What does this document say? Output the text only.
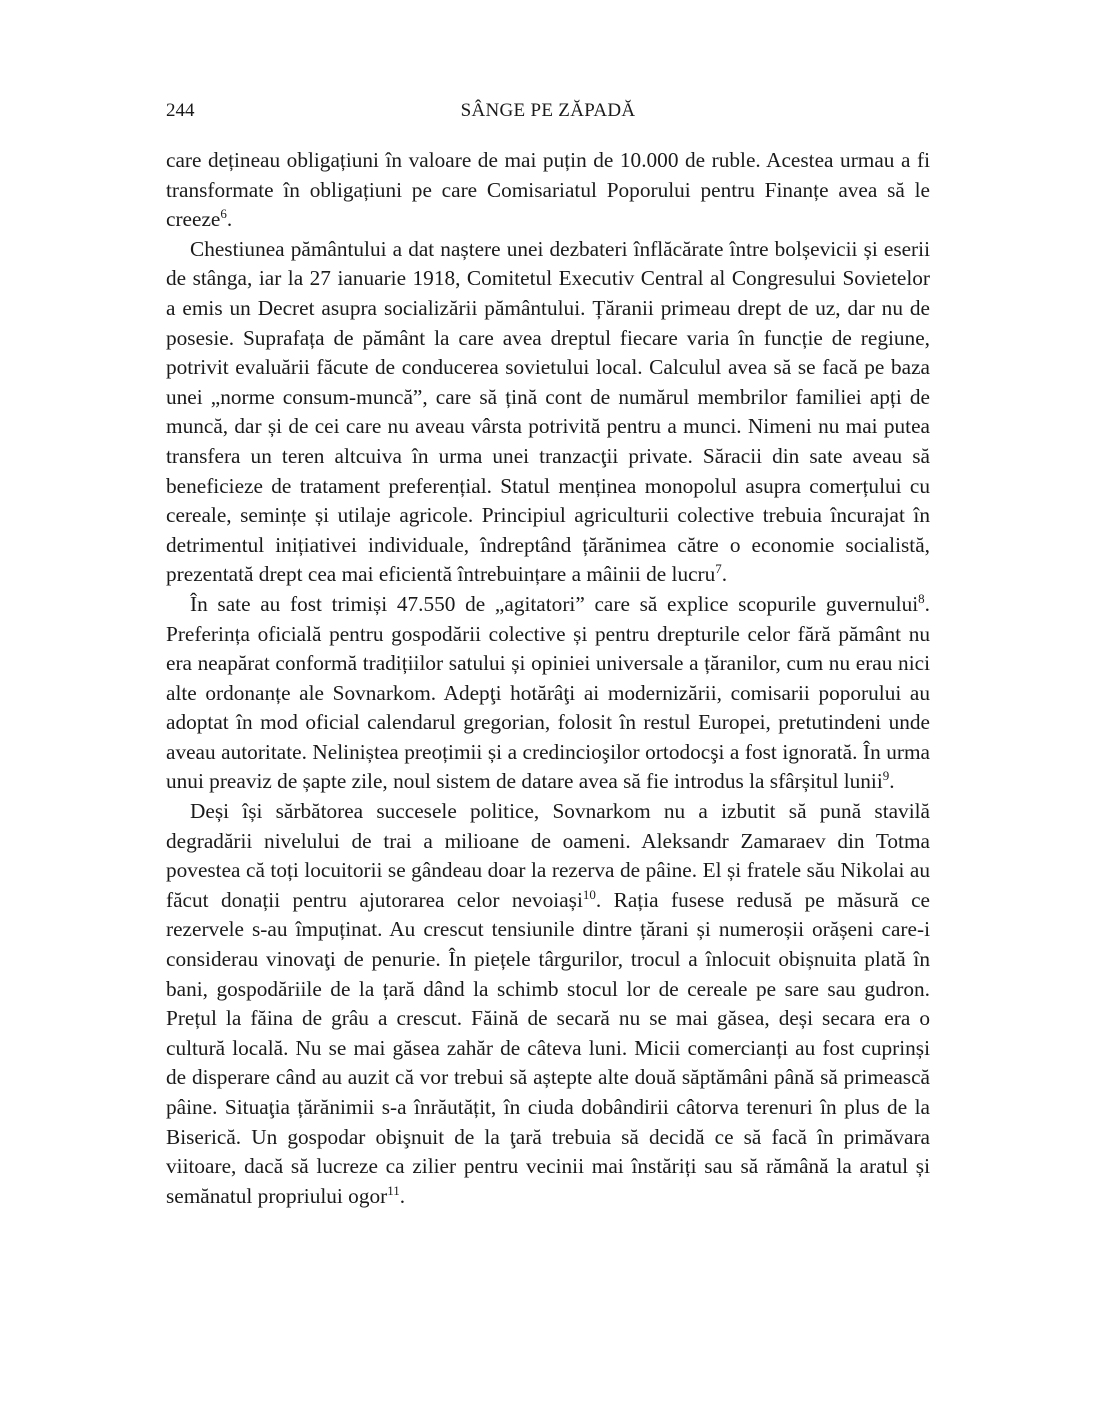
244	SÂNGE PE ZĂPADĂ

care dețineau obligațiuni în valoare de mai puțin de 10.000 de ruble. Acestea urmau a fi transformate în obligațiuni pe care Comisariatul Poporului pentru Finanțe avea să le creeze$^6$.

Chestiunea pământului a dat naștere unei dezbateri înflăcărate între bolșevicii și eserii de stânga, iar la 27 ianuarie 1918, Comitetul Executiv Central al Congresului Sovietelor a emis un Decret asupra socializării pământului. Țăranii primeau drept de uz, dar nu de posesie. Suprafața de pământ la care avea dreptul fiecare varia în funcție de regiune, potrivit evaluării făcute de conducerea sovietului local. Calculul avea să se facă pe baza unei „norme consum-muncă”, care să țină cont de numărul membrilor familiei apți de muncă, dar și de cei care nu aveau vârsta potrivită pentru a munci. Nimeni nu mai putea transfera un teren altcuiva în urma unei tranzacţii private. Săracii din sate aveau să beneficieze de tratament preferențial. Statul menținea monopolul asupra comerțului cu cereale, semințe și utilaje agricole. Principiul agriculturii colective trebuia încurajat în detrimentul inițiativei individuale, îndreptând țărănimea către o economie socialistă, prezentată drept cea mai eficientă întrebuințare a mâinii de lucru$^7$.

În sate au fost trimiși 47.550 de „agitatori” care să explice scopurile guvernului$^8$. Preferința oficială pentru gospodării colective și pentru drepturile celor fără pământ nu era neapărat conformă tradițiilor satului și opiniei universale a țăranilor, cum nu erau nici alte ordonanțe ale Sovnarkom. Adepţi hotărâţi ai modernizării, comisarii poporului au adoptat în mod oficial calendarul gregorian, folosit în restul Europei, pretutindeni unde aveau autoritate. Neliniștea preoțimii și a credincioşilor ortodocşi a fost ignorată. În urma unui preaviz de șapte zile, noul sistem de datare avea să fie introdus la sfârșitul lunii$^9$.

Deși își sărbătorea succesele politice, Sovnarkom nu a izbutit să pună stavilă degradării nivelului de trai a milioane de oameni. Aleksandr Zamaraev din Totma povestea că toți locuitorii se gândeau doar la rezerva de pâine. El și fratele său Nikolai au făcut donații pentru ajutorarea celor nevoiași$^{10}$. Rația fusese redusă pe măsură ce rezervele s-au împuținat. Au crescut tensiunile dintre țărani și numeroșii orășeni care-i considerau vinovaţi de penurie. În piețele târgurilor, trocul a înlocuit obișnuita plată în bani, gospodăriile de la țară dând la schimb stocul lor de cereale pe sare sau gudron. Prețul la făina de grâu a crescut. Făină de secară nu se mai găsea, deși secara era o cultură locală. Nu se mai găsea zahăr de câteva luni. Micii comercianți au fost cuprinși de disperare când au auzit că vor trebui să aștepte alte două săptămâni până să primească pâine. Situaţia țărănimii s-a înrăutățit, în ciuda dobândirii câtorva terenuri în plus de la Biserică. Un gospodar obişnuit de la ţară trebuia să decidă ce să facă în primăvara viitoare, dacă să lucreze ca zilier pentru vecinii mai înstăriți sau să rămână la aratul și semănatul propriului ogor$^{11}$.
